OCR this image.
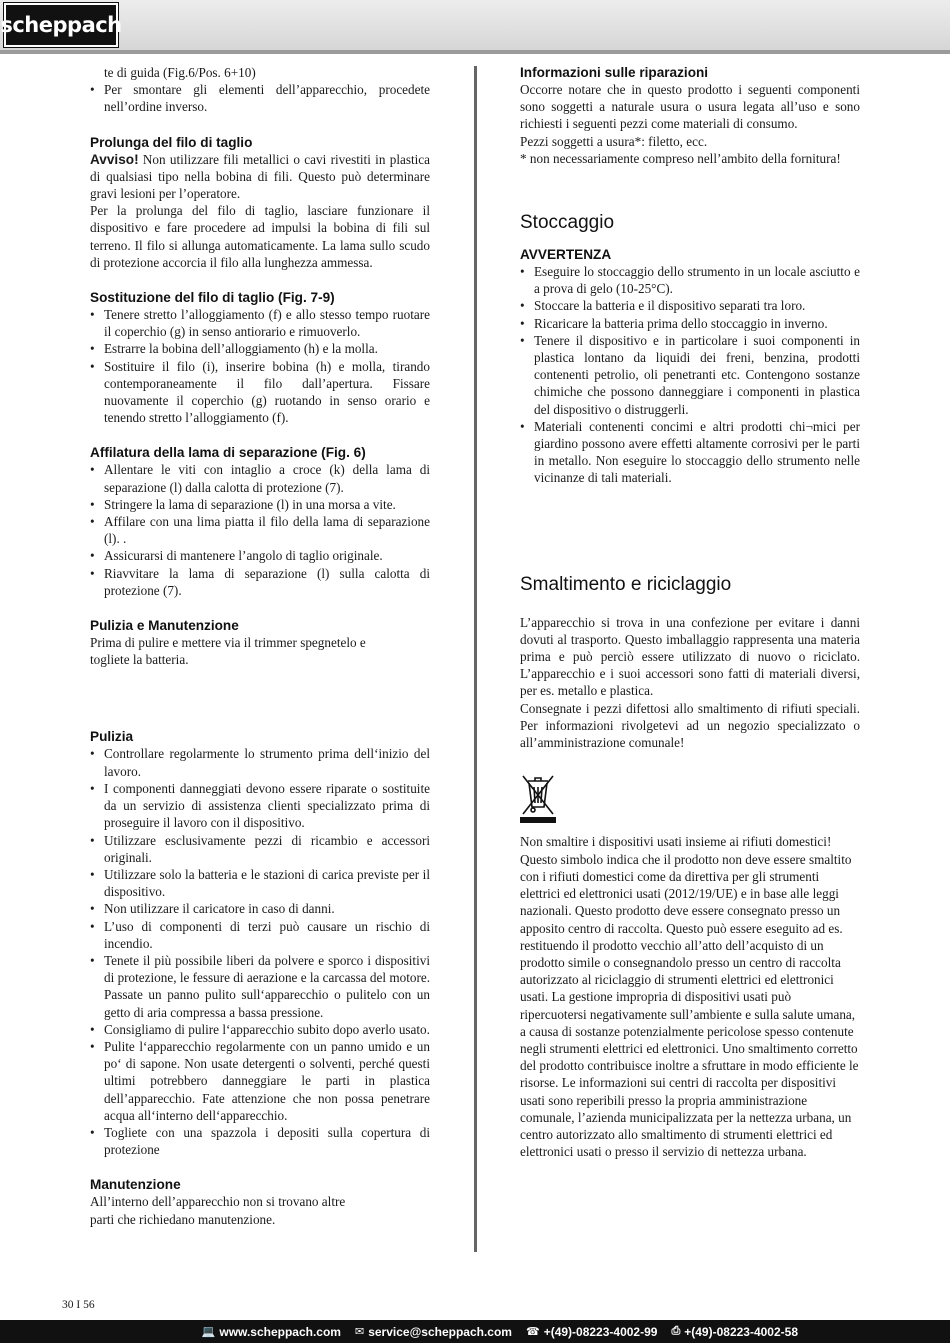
scheppach

te di guida (Fig.6/Pos. 6+10)

• Per smontare gli elementi dell’apparecchio, procedete nell’ordine inverso.
Prolunga del filo di taglio

Avviso! Non utilizzare fili metallici o cavi rivestiti in plastica di qualsiasi tipo nella bobina di fili. Questo può determinare gravi lesioni per l’operatore.

Per la prolunga del filo di taglio, lasciare funzionare il dispositivo e fare procedere ad impulsi la bobina di fili sul terreno. Il filo si allunga automaticamente. La lama sullo scudo di protezione accorcia il filo alla lunghezza ammessa.

Sostituzione del filo di taglio (Fig. 7-9)
• Tenere stretto l’alloggiamento (f) e allo stesso tempo ruotare il coperchio (g) in senso antiorario e rimuoverlo.
• Estrarre la bobina dell’alloggiamento (h) e la molla.
• Sostituire il filo (i), inserire bobina (h) e molla, tirando contemporaneamente il filo dall’apertura. Fissare nuovamente il coperchio (g) ruotando in senso orario e tenendo stretto l’alloggiamento (f).
Affilatura della lama di separazione (Fig. 6)
• Allentare le viti con intaglio a croce (k) della lama di separazione (l) dalla calotta di protezione (7).
• Stringere la lama di separazione (l) in una morsa a vite.
• Affilare con una lima piatta il filo della lama di separazione (l). .
• Assicurarsi di mantenere l’angolo di taglio originale.
• Riavvitare la lama di separazione (l) sulla calotta di protezione (7).
Pulizia e Manutenzione

Prima di pulire e mettere via il trimmer spegnetelo e togliete la batteria.

Pulizia
• Controllare regolarmente lo strumento prima dell‘inizio del lavoro.
• I componenti danneggiati devono essere riparate o sostituite da un servizio di assistenza clienti specializzato prima di proseguire il lavoro con il dispositivo.
• Utilizzare esclusivamente pezzi di ricambio e accessori originali.
• Utilizzare solo la batteria e le stazioni di carica previste per il dispositivo.
• Non utilizzare il caricatore in caso di danni.
• L’uso di componenti di terzi può causare un rischio di incendio.
• Tenete il più possibile liberi da polvere e sporco i dispositivi di protezione, le fessure di aerazione e la carcassa del motore. Passate un panno pulito sull‘apparecchio o pulitelo con un getto di aria compressa a bassa pressione.
• Consigliamo di pulire l‘apparecchio subito dopo averlo usato.
• Pulite l‘apparecchio regolarmente con un panno umido e un po‘ di sapone. Non usate detergenti o solventi, perché questi ultimi potrebbero danneggiare le parti in plastica dell’apparecchio. Fate attenzione che non possa penetrare acqua all‘interno dell‘apparecchio.
• Togliete con una spazzola i depositi sulla copertura di protezione
Manutenzione

All’interno dell’apparecchio non si trovano altre parti che richiedano manutenzione.

Informazioni sulle riparazioni

Occorre notare che in questo prodotto i seguenti componenti sono soggetti a naturale usura o usura legata all’uso e sono richiesti i seguenti pezzi come materiali di consumo.

Pezzi soggetti a usura*: filetto, ecc.

* non necessariamente compreso nell’ambito della fornitura!

Stoccaggio
AVVERTENZA
• Eseguire lo stoccaggio dello strumento in un locale asciutto e a prova di gelo (10-25°C).
• Stoccare la batteria e il dispositivo separati tra loro.
• Ricaricare la batteria prima dello stoccaggio in inverno.
• Tenere il dispositivo e in particolare i suoi componenti in plastica lontano da liquidi dei freni, benzina, prodotti contenenti petrolio, oli penetranti etc. Contengono sostanze chimiche che possono danneggiare i componenti in plastica del dispositivo o distruggerli.
• Materiali contenenti concimi e altri prodotti chi¬mici per giardino possono avere effetti altamente corrosivi per le parti in metallo. Non eseguire lo stoccaggio dello strumento nelle vicinanze di tali materiali.
Smaltimento e riciclaggio

L’apparecchio si trova in una confezione per evitare i danni dovuti al trasporto. Questo imballaggio rappresenta una materia prima e può perciò essere utilizzato di nuovo o riciclato. L’apparecchio e i suoi accessori sono fatti di materiali diversi, per es. metallo e plastica.

Consegnate i pezzi difettosi allo smaltimento di rifiuti speciali. Per informazioni rivolgetevi ad un negozio specializzato o all’amministrazione comunale!

Non smaltire i dispositivi usati insieme ai rifiuti domestici! Questo simbolo indica che il prodotto non deve essere smaltito con i rifiuti domestici come da direttiva per gli strumenti elettrici ed elettronici usati (2012/19/UE) e in base alle leggi nazionali. Questo prodotto deve essere consegnato presso un apposito centro di raccolta. Questo può essere eseguito ad es. restituendo il prodotto vecchio all’atto dell’acquisto di un prodotto simile o consegnandolo presso un centro di raccolta autorizzato al riciclaggio di strumenti elettrici ed elettronici usati. La gestione impropria di dispositivi usati può ripercuotersi negativamente sull’ambiente e sulla salute umana, a causa di sostanze potenzialmente pericolose spesso contenute negli strumenti elettrici ed elettronici. Uno smaltimento corretto del prodotto contribuisce inoltre a sfruttare in modo efficiente le risorse. Le informazioni sui centri di raccolta per dispositivi usati sono reperibili presso la propria amministrazione comunale, l’azienda municipalizzata per la nettezza urbana, un centro autorizzato allo smaltimento di strumenti elettrici ed elettronici usati o presso il servizio di nettezza urbana.

30 I 56
💻 www.scheppach.com ✉ service@scheppach.com ☎ +(49)-08223-4002-99 ⎙ +(49)-08223-4002-58
